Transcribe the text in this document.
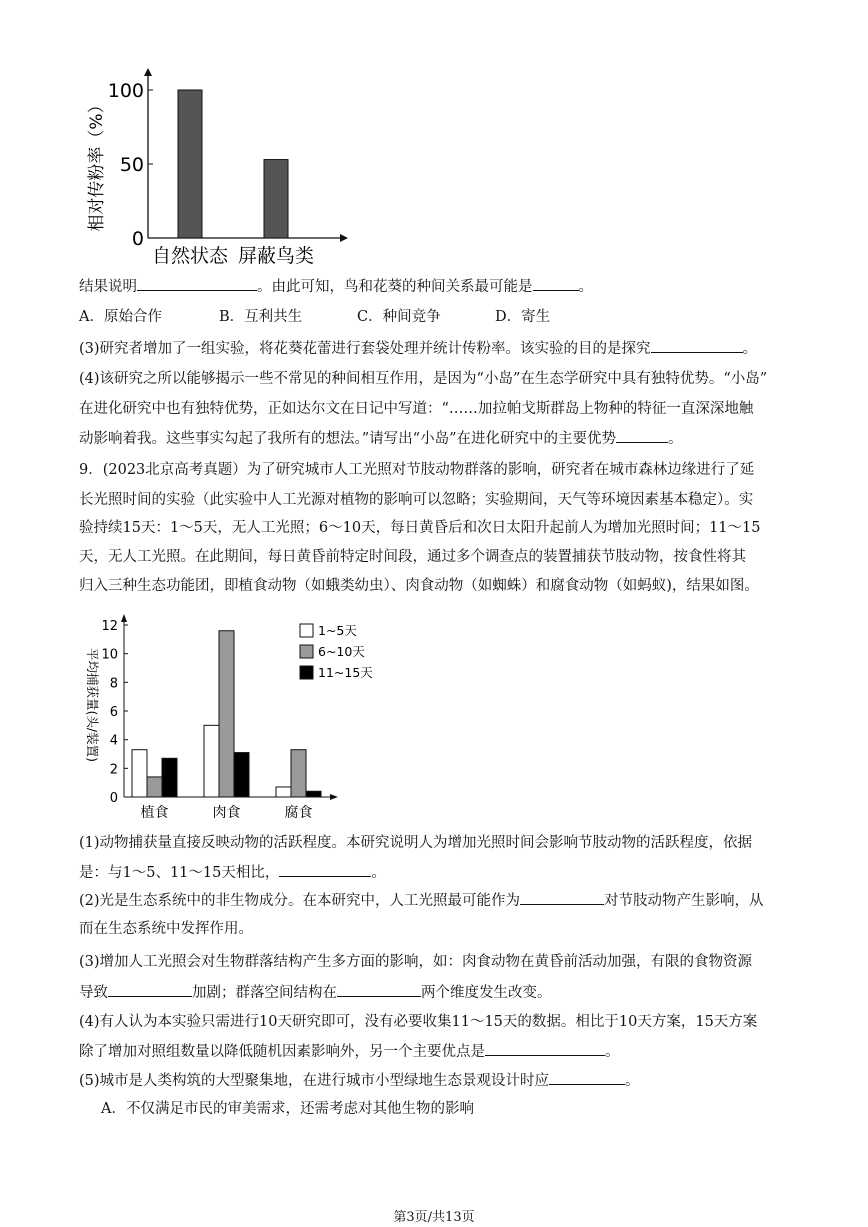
0
50
100
相对传粉率（%）
自然状态 屏蔽鸟类
结果说明	。由此可知，鸟和花葵的种间关系最可能是	。
A．原始合作	B．互利共生	C．种间竞争	D．寄生
(3)研究者增加了一组实验，将花葵花蕾进行套袋处理并统计传粉率。该实验的目的是探究	。
(4)该研究之所以能够揭示一些不常见的种间相互作用，是因为“小岛”在生态学研究中具有独特优势。“小岛”
在进化研究中也有独特优势，正如达尔文在日记中写道：“……加拉帕戈斯群岛上物种的特征一直深深地触
动影响着我。这些事实勾起了我所有的想法。”请写出“小岛”在进化研究中的主要优势	。
9．(2023北京高考真题）为了研究城市人工光照对节肢动物群落的影响，研究者在城市森林边缘进行了延
长光照时间的实验（此实验中人工光源对植物的影响可以忽略；实验期间，天气等环境因素基本稳定）。实
验持续15天：1～5天，无人工光照；6～10天，每日黄昏后和次日太阳升起前人为增加光照时间；11～15
天，无人工光照。在此期间，每日黄昏前特定时间段，通过多个调查点的装置捕获节肢动物，按食性将其
归入三种生态功能团，即植食动物（如蛾类幼虫）、肉食动物（如蜘蛛）和腐食动物（如蚂蚁)，结果如图。
0
2
4
6
8
10
12
平均捕获量(头/装置)
植食	肉食	腐食
1~5天
6~10天
11~15天
(1)动物捕获量直接反映动物的活跃程度。本研究说明人为增加光照时间会影响节肢动物的活跃程度，依据
是：与1～5、11～15天相比，	。
(2)光是生态系统中的非生物成分。在本研究中，人工光照最可能作为	对节肢动物产生影响，从
而在生态系统中发挥作用。
(3)增加人工光照会对生物群落结构产生多方面的影响，如：肉食动物在黄昏前活动加强，有限的食物资源
导致	加剧；群落空间结构在	两个维度发生改变。
(4)有人认为本实验只需进行10天研究即可，没有必要收集11～15天的数据。相比于10天方案，15天方案
除了增加对照组数量以降低随机因素影响外，另一个主要优点是	。
(5)城市是人类构筑的大型聚集地，在进行城市小型绿地生态景观设计时应	。
A．不仅满足市民的审美需求，还需考虑对其他生物的影响
第3页/共13页
